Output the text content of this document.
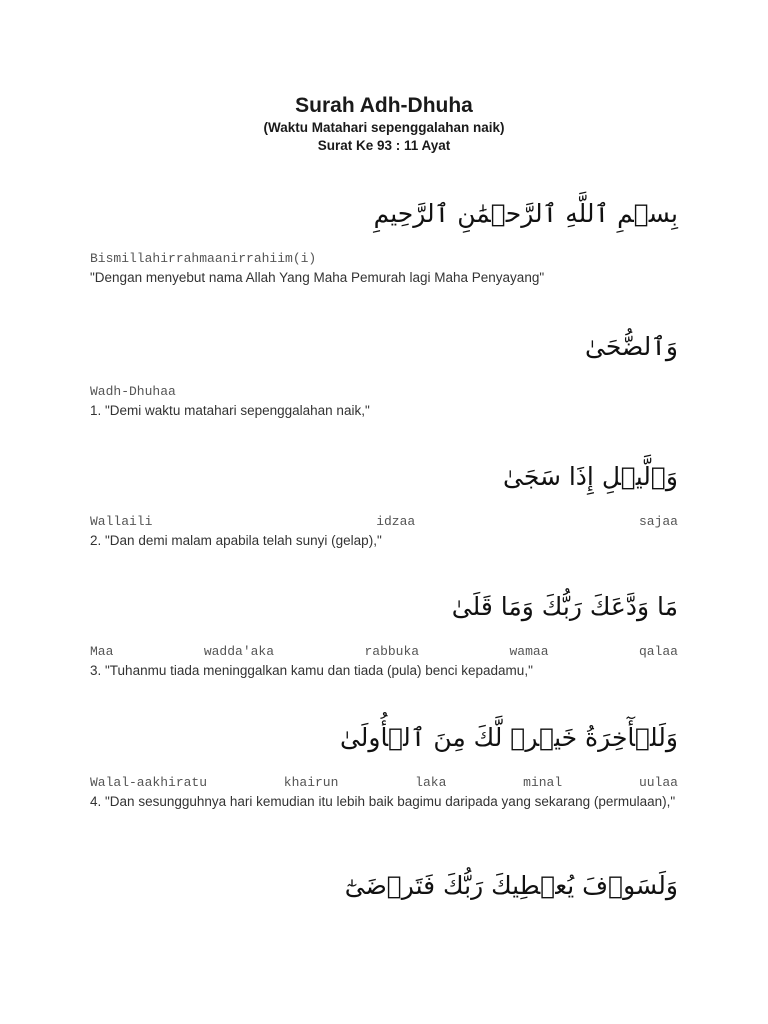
Surah Adh-Dhuha
(Waktu Matahari sepenggalahan naik)
Surat Ke 93 : 11 Ayat
بِسۡمِ ٱللَّهِ ٱلرَّحۡمَٰنِ ٱلرَّحِيمِ
Bismillahirrahmaanirrahiim(i)
"Dengan menyebut nama Allah Yang Maha Pemurah lagi Maha Penyayang"
وَٱلضُّحَىٰ
Wadh-Dhuhaa
1. "Demi waktu matahari sepenggalahan naik,"
وَٱلَّيۡلِ إِذَا سَجَىٰ
Wallaili	idzaa	sajaa
2. "Dan demi malam apabila telah sunyi (gelap),"
مَا وَدَّعَكَ رَبُّكَ وَمَا قَلَىٰ
Maa	wadda'aka	rabbuka	wamaa	qalaa
3. "Tuhanmu tiada meninggalkan kamu dan tiada (pula) benci kepadamu,"
وَلَلۡأٓخِرَةُ خَيۡرٞ لَّكَ مِنَ ٱلۡأُولَىٰ
Walal-aakhiratu	khairun	laka	minal	uulaa
4. "Dan sesungguhnya hari kemudian itu lebih baik bagimu daripada yang sekarang (permulaan),"
وَلَسَوۡفَ يُعۡطِيكَ رَبُّكَ فَتَرۡضَىٰٓ
